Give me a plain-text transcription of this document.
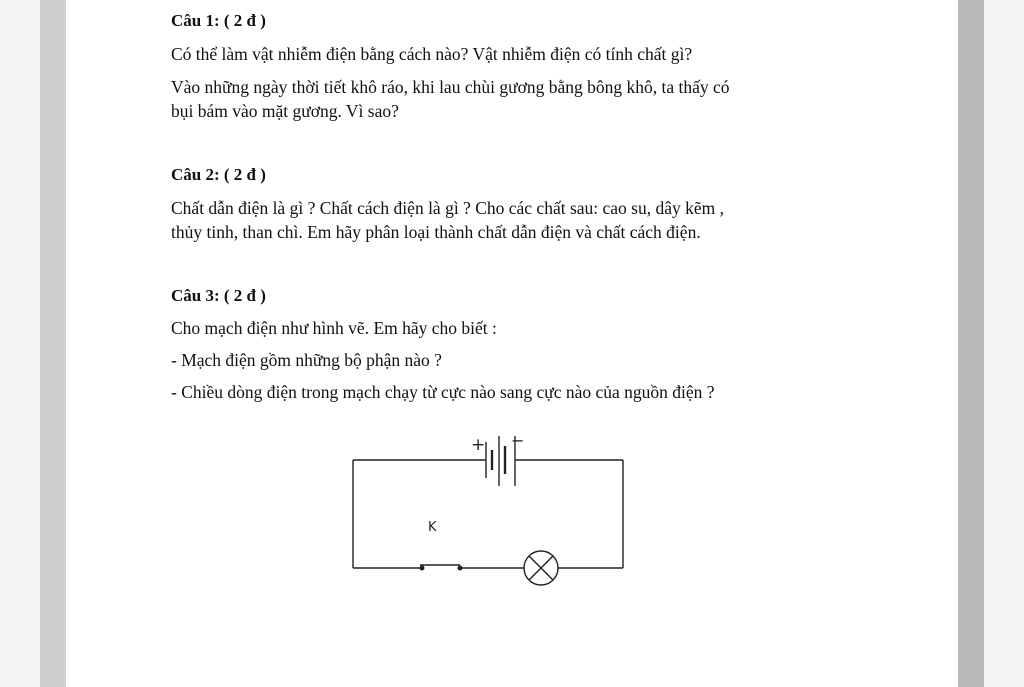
Câu 1: ( 2 đ )
Có thể làm vật nhiễm điện bằng cách nào? Vật nhiễm điện có tính chất gì?
Vào những ngày thời tiết khô ráo, khi lau chùi gương bằng bông khô, ta thấy có
bụi bám vào mặt gương. Vì sao?
Câu 2: ( 2 đ )
Chất dẫn điện là gì ? Chất cách điện là gì ? Cho các chất sau: cao su, dây kẽm ,
thủy tinh, than chì. Em hãy phân loại thành chất dẫn điện và chất cách điện.
Câu 3: ( 2 đ )
Cho mạch điện như hình vẽ. Em hãy cho biết :
- Mạch điện gồm những bộ phận nào ?
- Chiều dòng điện trong mạch chạy từ cực nào sang cực nào của nguồn điện ?
+ −
K
